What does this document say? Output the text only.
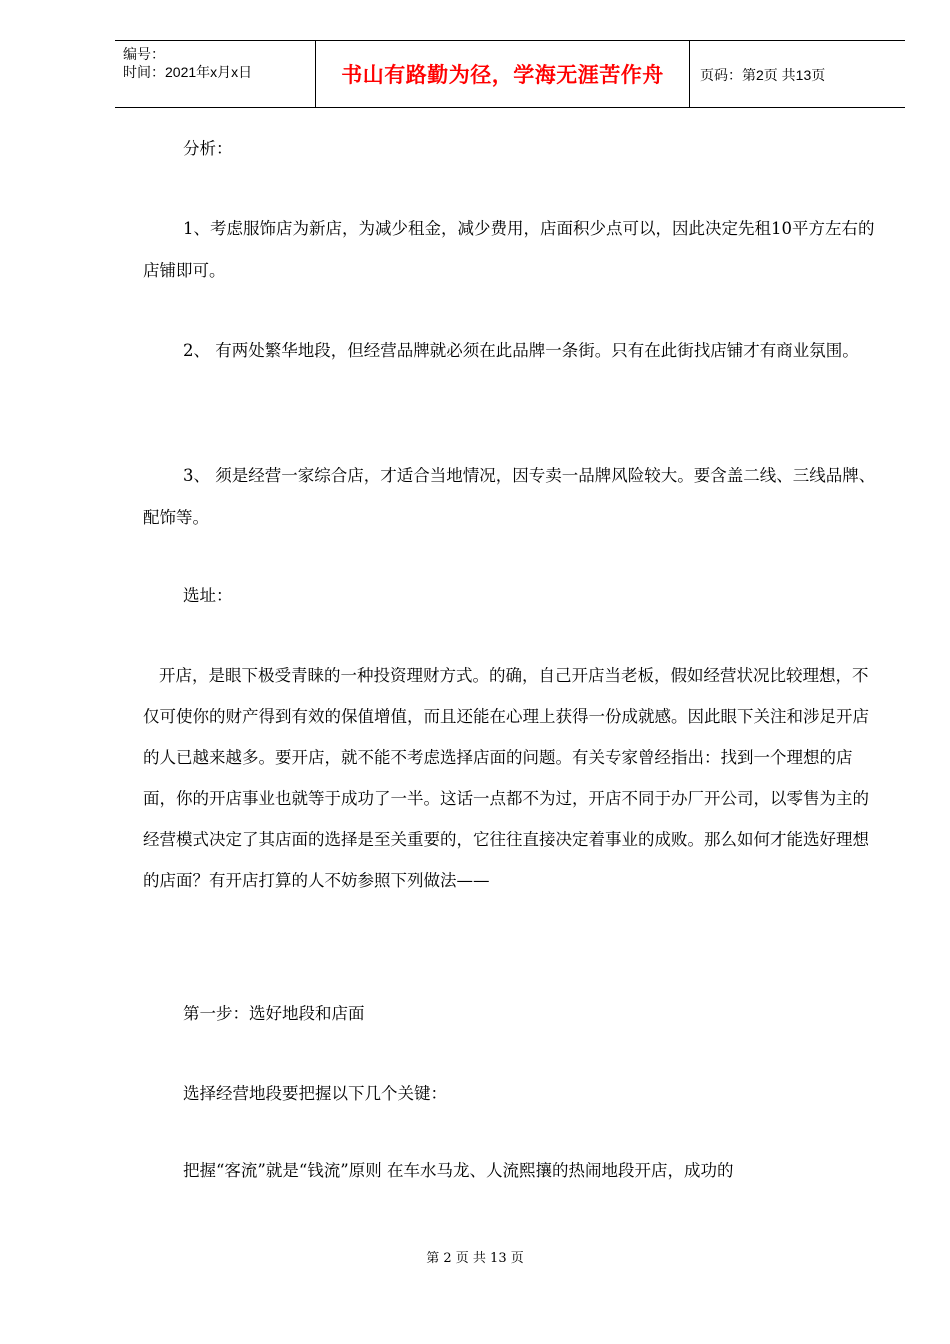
编号：
时间：2021年x月x日	书山有路勤为径，学海无涯苦作舟	页码：第2页 共13页

分析：

1、考虑服饰店为新店，为减少租金，减少费用，店面积少点可以，因此决定先租10平方左右的店铺即可。

2、 有两处繁华地段，但经营品牌就必须在此品牌一条街。只有在此街找店铺才有商业氛围。

3、 须是经营一家综合店，才适合当地情况，因专卖一品牌风险较大。要含盖二线、三线品牌、配饰等。

选址：

开店，是眼下极受青睐的一种投资理财方式。的确，自己开店当老板，假如经营状况比较理想，不仅可使你的财产得到有效的保值增值，而且还能在心理上获得一份成就感。因此眼下关注和涉足开店的人已越来越多。要开店，就不能不考虑选择店面的问题。有关专家曾经指出：找到一个理想的店面，你的开店事业也就等于成功了一半。这话一点都不为过，开店不同于办厂开公司，以零售为主的经营模式决定了其店面的选择是至关重要的，它往往直接决定着事业的成败。那么如何才能选好理想的店面？有开店打算的人不妨参照下列做法——

第一步：选好地段和店面

选择经营地段要把握以下几个关键：

把握“客流”就是“钱流”原则 在车水马龙、人流熙攘的热闹地段开店，成功的

第 2 页 共 13 页
